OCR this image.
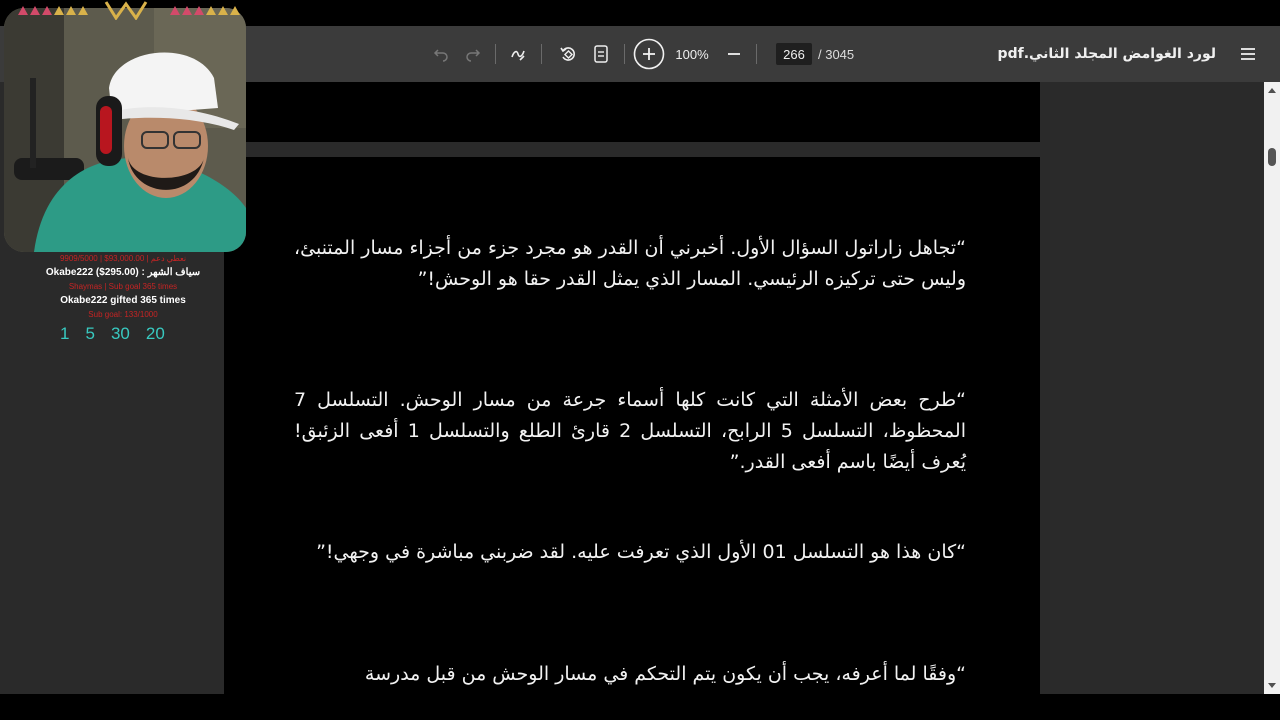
100%	266	/ 3045	لورد الغوامض المجلد الثاني.pdf
“تجاهل زاراتول السؤال الأول. أخبرني أن القدر هو مجرد جزء من أجزاء مسار المتنبئ، وليس حتى تركيزه الرئيسي. المسار الذي يمثل القدر حقا هو الوحش!”
“طرح بعض الأمثلة التي كانت كلها أسماء جرعة من مسار الوحش. التسلسل 7 المحظوظ، التسلسل 5 الرابح، التسلسل 2 قارئ الطلع والتسلسل 1 أفعى الزئبق! يُعرف أيضًا باسم أفعى القدر.”
“كان هذا هو التسلسل 01 الأول الذي تعرفت عليه. لقد ضربني مباشرة في وجهي!”
“وفقًا لما أعرفه، يجب أن يكون يتم التحكم في مسار الوحش من قبل مدرسة
9909/5000 | $93,000.00 | نعطي دعم
Okabe222 ($295.00) : سياف الشهر
Shaymas | Sub goal 365 times
Okabe222 gifted 365 times
Sub goal: 133/1000
1 5 30 20
